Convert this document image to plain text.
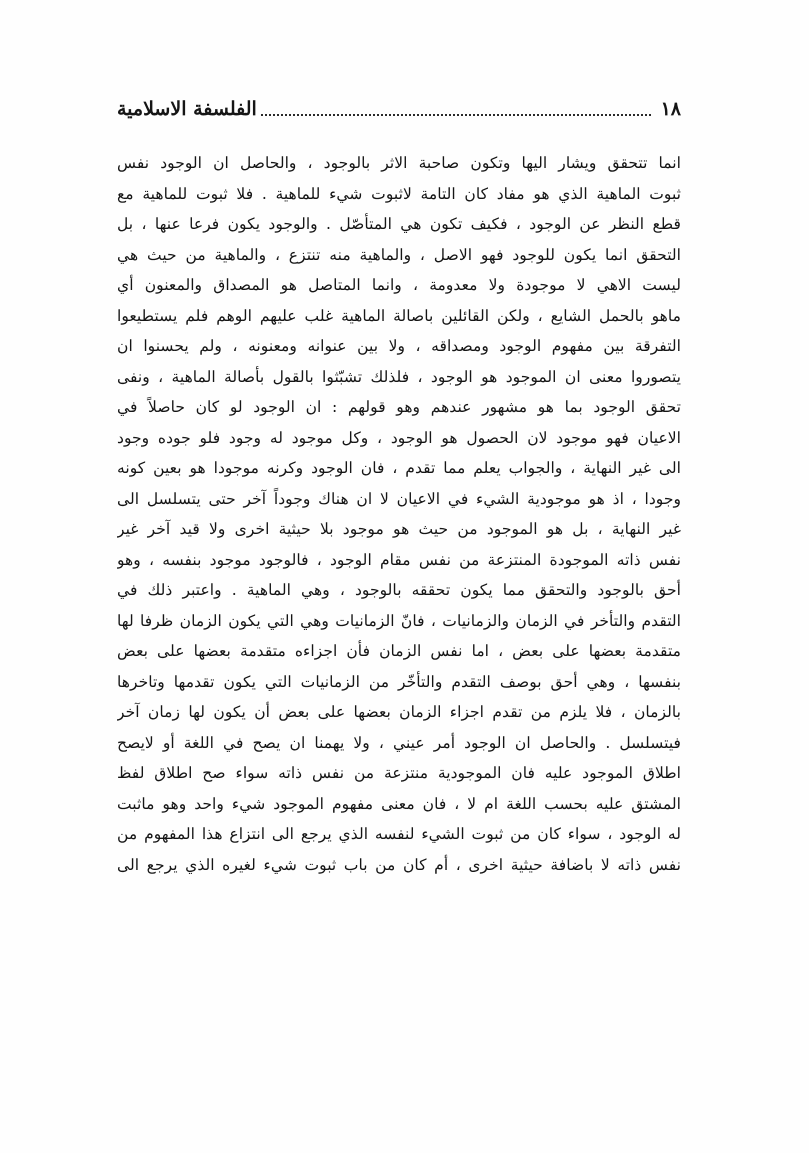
١٨
الفلسفة الاسلامية
انما تتحقق ويشار اليها وتكون صاحبة الاثر بالوجود ، والحاصل ان الوجود نفس
ثبوت الماهية الذي هو مفاد كان التامة لاثبوت شيء للماهية . فلا ثبوت للماهية مع
قطع النظر عن الوجود ، فكيف تكون هي المتأصّل . والوجود يكون فرعا عنها ، بل
التحقق انما يكون للوجود فهو الاصل ، والماهية منه تنتزع ، والماهية من حيث هي
ليست الاهي لا موجودة ولا معدومة ، وانما المتاصل هو المصداق والمعنون أي
ماهو بالحمل الشايع ، ولكن القائلين باصالة الماهية غلب عليهم الوهم فلم يستطيعوا
التفرقة بين مفهوم الوجود ومصداقه ، ولا بين عنوانه ومعنونه ، ولم يحسنوا ان
يتصوروا معنى ان الموجود هو الوجود ، فلذلك تشبّثوا بالقول بأصالة الماهية ، ونفى
تحقق الوجود بما هو مشهور عندهم وهو قولهم : ان الوجود لو كان حاصلاً في
الاعيان فهو موجود لان الحصول هو الوجود ، وكل موجود له وجود فلو جوده وجود
الى غير النهاية ، والجواب يعلم مما تقدم ، فان الوجود وكرنه موجودا هو بعين كونه
وجودا ، اذ هو موجودية الشيء في الاعيان لا ان هناك وجوداً آخر حتى يتسلسل الى
غير النهاية ، بل هو الموجود من حيث هو موجود بلا حيثية اخرى ولا قيد آخر غير
نفس ذاته الموجودة المنتزعة من نفس مقام الوجود ، فالوجود موجود بنفسه ، وهو
أحق بالوجود والتحقق مما يكون تحققه بالوجود ، وهي الماهية . واعتبر ذلك في
التقدم والتأخر في الزمان والزمانيات ، فانّ الزمانيات وهي التي يكون الزمان ظرفا لها
متقدمة بعضها على بعض ، اما نفس الزمان فأن اجزاءه متقدمة بعضها على بعض
بنفسها ، وهي أحق بوصف التقدم والتأخّر من الزمانيات التي يكون تقدمها وتاخرها
بالزمان ، فلا يلزم من تقدم اجزاء الزمان بعضها على بعض أن يكون لها زمان آخر
فيتسلسل . والحاصل ان الوجود أمر عيني ، ولا يهمنا ان يصح في اللغة أو لايصح
اطلاق الموجود عليه فان الموجودية منتزعة من نفس ذاته سواء صح اطلاق لفظ
المشتق عليه بحسب اللغة ام لا ، فان معنى مفهوم الموجود شيء واحد وهو ماثبت
له الوجود ، سواء كان من ثبوت الشيء لنفسه الذي يرجع الى انتزاع هذا المفهوم من
نفس ذاته لا باضافة حيثية اخرى ، أم كان من باب ثبوت شيء لغيره الذي يرجع الى
